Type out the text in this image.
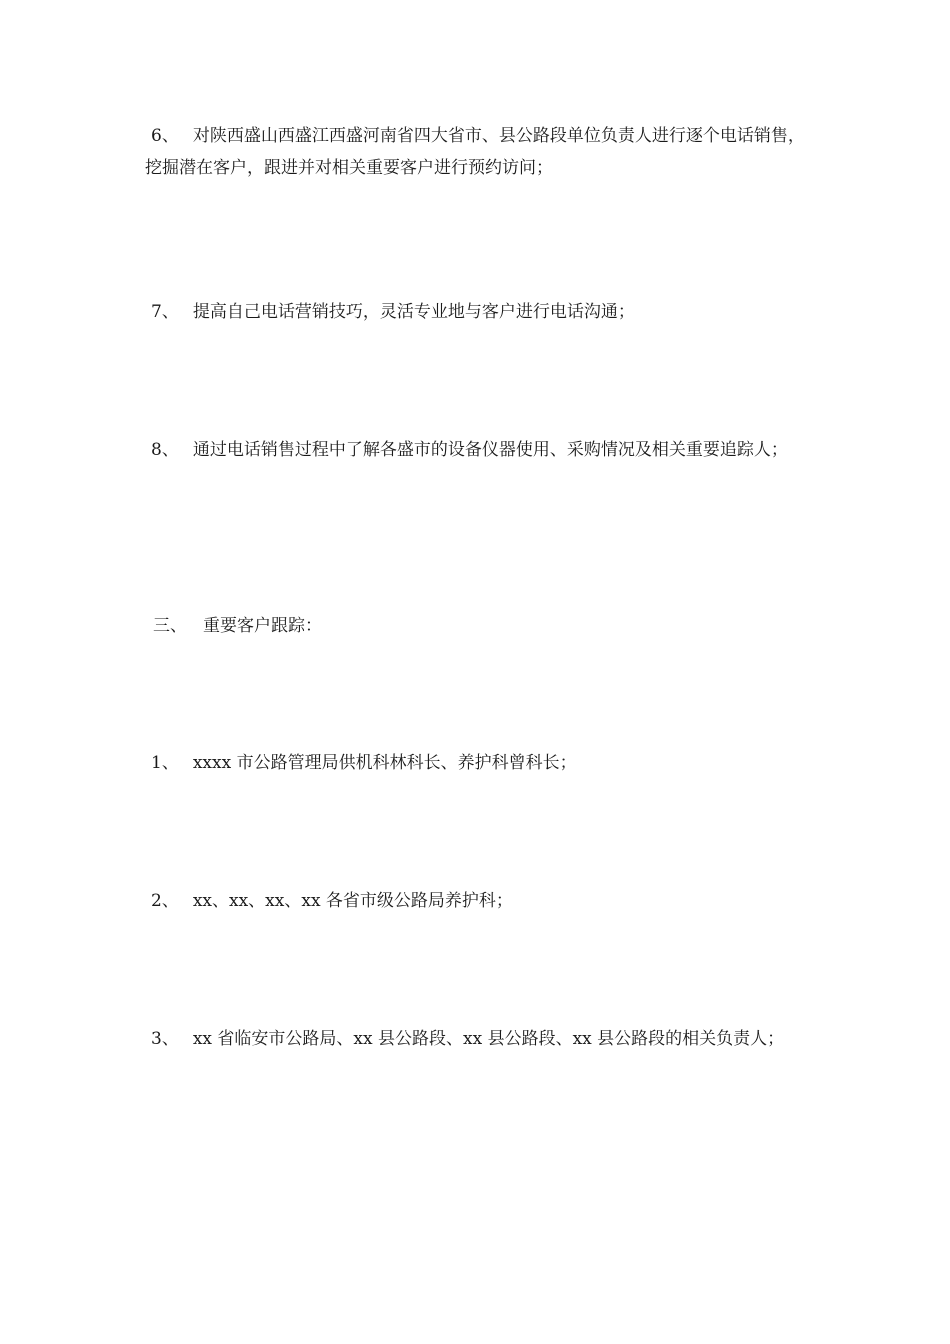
6、 对陕西盛山西盛江西盛河南省四大省市、县公路段单位负责人进行逐个电话销售，挖掘潜在客户，跟进并对相关重要客户进行预约访问；

7、 提高自己电话营销技巧，灵活专业地与客户进行电话沟通；

8、 通过电话销售过程中了解各盛市的设备仪器使用、采购情况及相关重要追踪人；

三、 重要客户跟踪：

1、 xxxx 市公路管理局供机科林科长、养护科曾科长；

2、 xx、xx、xx、xx 各省市级公路局养护科；

3、 xx 省临安市公路局、xx 县公路段、xx 县公路段、xx 县公路段的相关负责人；
